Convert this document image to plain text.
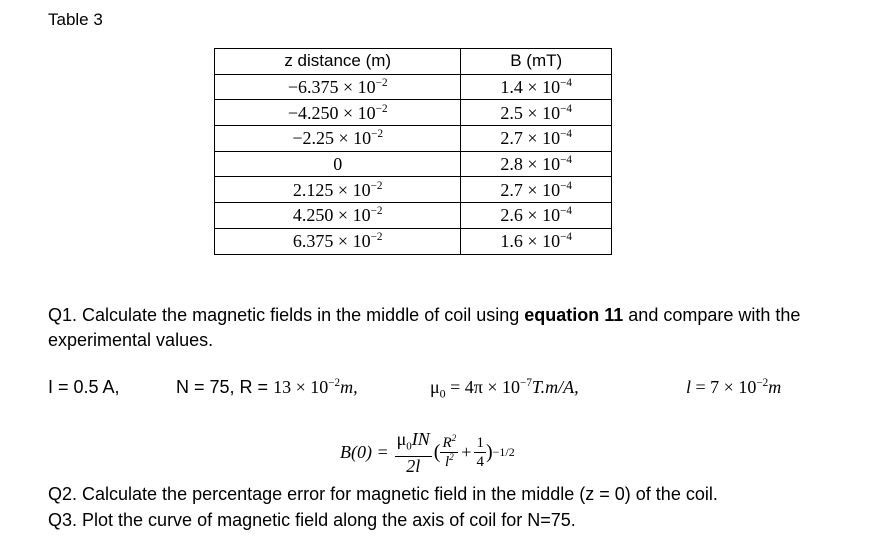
Table 3
z distance (m)	B (mT)
$-6.375 \times 10^{-2}$	$1.4 \times 10^{-4}$
$-4.250 \times 10^{-2}$	$2.5 \times 10^{-4}$
$-2.25 \times 10^{-2}$	$2.7 \times 10^{-4}$
0	$2.8 \times 10^{-4}$
$2.125 \times 10^{-2}$	$2.7 \times 10^{-4}$
$4.250 \times 10^{-2}$	$2.6 \times 10^{-4}$
$6.375 \times 10^{-2}$	$1.6 \times 10^{-4}$
Q1. Calculate the magnetic fields in the middle of coil using equation 11 and compare with the experimental values.
I = 0.5 A,	N = 75, $R = 13 \times 10^{-2}m$,	$\mu_0 = 4\pi \times 10^{-7}T.m/A$,	$l = 7 \times 10^{-2}m$
$B(0) = \frac{\mu_0IN}{2l}$ ( $\frac{R^2}{l^2} + \frac{1}{4}$ ) −1/2
Q2. Calculate the percentage error for magnetic field in the middle (z = 0) of the coil.
Q3. Plot the curve of magnetic field along the axis of coil for N=75.
